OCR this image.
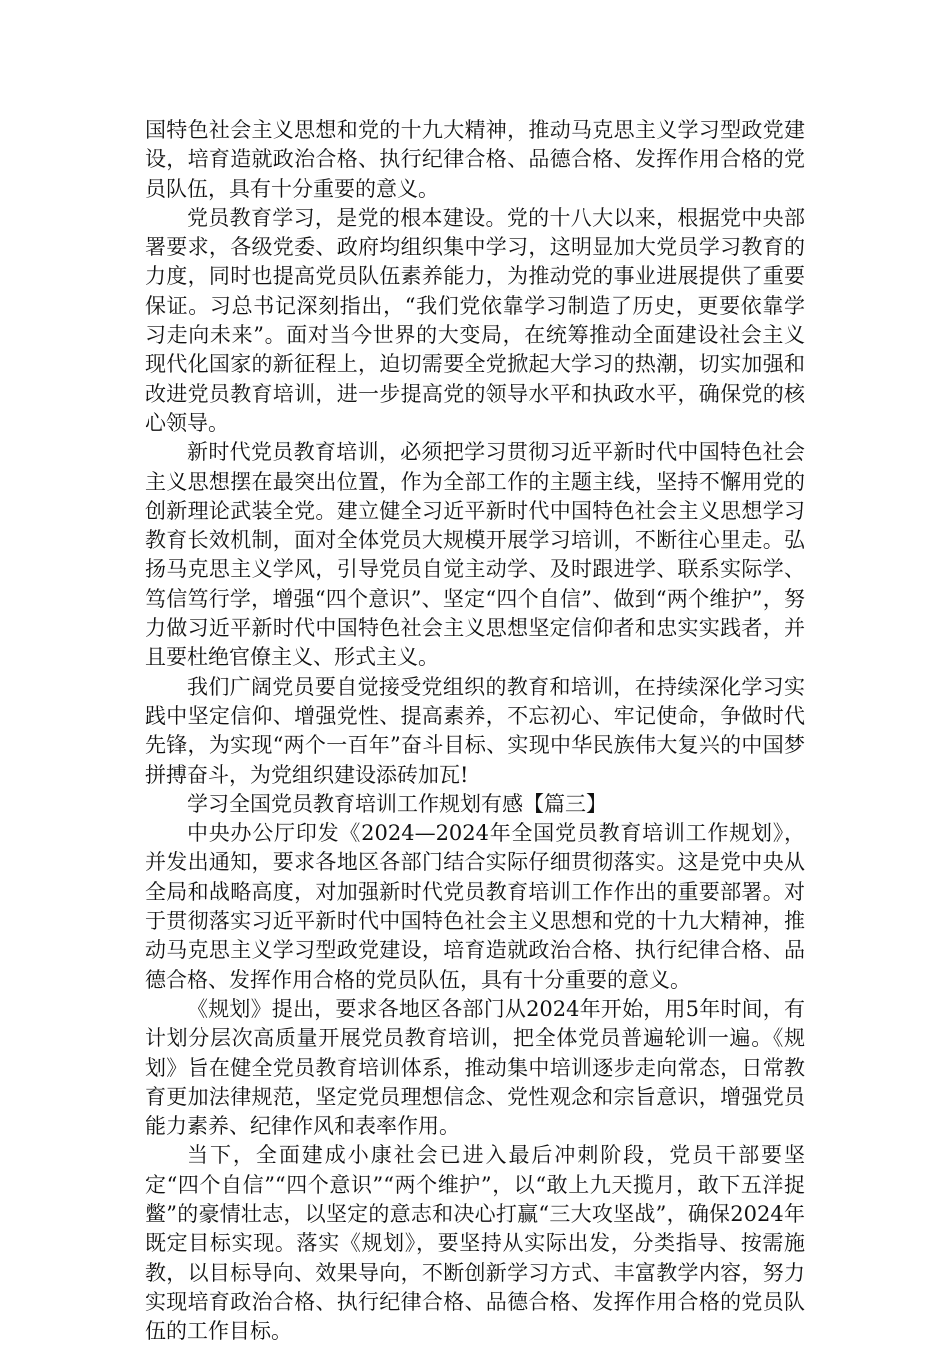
国特色社会主义思想和党的十九大精神，推动马克思主义学习型政党建设，培育造就政治合格、执行纪律合格、品德合格、发挥作用合格的党员队伍，具有十分重要的意义。

党员教育学习，是党的根本建设。党的十八大以来，根据党中央部署要求，各级党委、政府均组织集中学习，这明显加大党员学习教育的力度，同时也提高党员队伍素养能力，为推动党的事业进展提供了重要保证。习总书记深刻指出，“我们党依靠学习制造了历史，更要依靠学习走向未来”。面对当今世界的大变局，在统筹推动全面建设社会主义现代化国家的新征程上，迫切需要全党掀起大学习的热潮，切实加强和改进党员教育培训，进一步提高党的领导水平和执政水平，确保党的核心领导。

新时代党员教育培训，必须把学习贯彻习近平新时代中国特色社会主义思想摆在最突出位置，作为全部工作的主题主线，坚持不懈用党的创新理论武装全党。建立健全习近平新时代中国特色社会主义思想学习教育长效机制，面对全体党员大规模开展学习培训，不断往心里走。弘扬马克思主义学风，引导党员自觉主动学、及时跟进学、联系实际学、笃信笃行学，增强“四个意识”、坚定“四个自信”、做到“两个维护”，努力做习近平新时代中国特色社会主义思想坚定信仰者和忠实实践者，并且要杜绝官僚主义、形式主义。

我们广阔党员要自觉接受党组织的教育和培训，在持续深化学习实践中坚定信仰、增强党性、提高素养，不忘初心、牢记使命，争做时代先锋，为实现“两个一百年”奋斗目标、实现中华民族伟大复兴的中国梦拼搏奋斗，为党组织建设添砖加瓦!

学习全国党员教育培训工作规划有感【篇三】

中央办公厅印发《2024—2024年全国党员教育培训工作规划》，并发出通知，要求各地区各部门结合实际仔细贯彻落实。这是党中央从全局和战略高度，对加强新时代党员教育培训工作作出的重要部署。对于贯彻落实习近平新时代中国特色社会主义思想和党的十九大精神，推动马克思主义学习型政党建设，培育造就政治合格、执行纪律合格、品德合格、发挥作用合格的党员队伍，具有十分重要的意义。

《规划》提出，要求各地区各部门从2024年开始，用5年时间，有计划分层次高质量开展党员教育培训，把全体党员普遍轮训一遍。《规划》旨在健全党员教育培训体系，推动集中培训逐步走向常态，日常教育更加法律规范，坚定党员理想信念、党性观念和宗旨意识，增强党员能力素养、纪律作风和表率作用。

当下，全面建成小康社会已进入最后冲刺阶段，党员干部要坚定“四个自信”“四个意识”“两个维护”，以“敢上九天揽月，敢下五洋捉鳖”的豪情壮志，以坚定的意志和决心打赢“三大攻坚战”，确保2024年既定目标实现。落实《规划》，要坚持从实际出发，分类指导、按需施教，以目标导向、效果导向，不断创新学习方式、丰富教学内容，努力实现培育政治合格、执行纪律合格、品德合格、发挥作用合格的党员队伍的工作目标。
